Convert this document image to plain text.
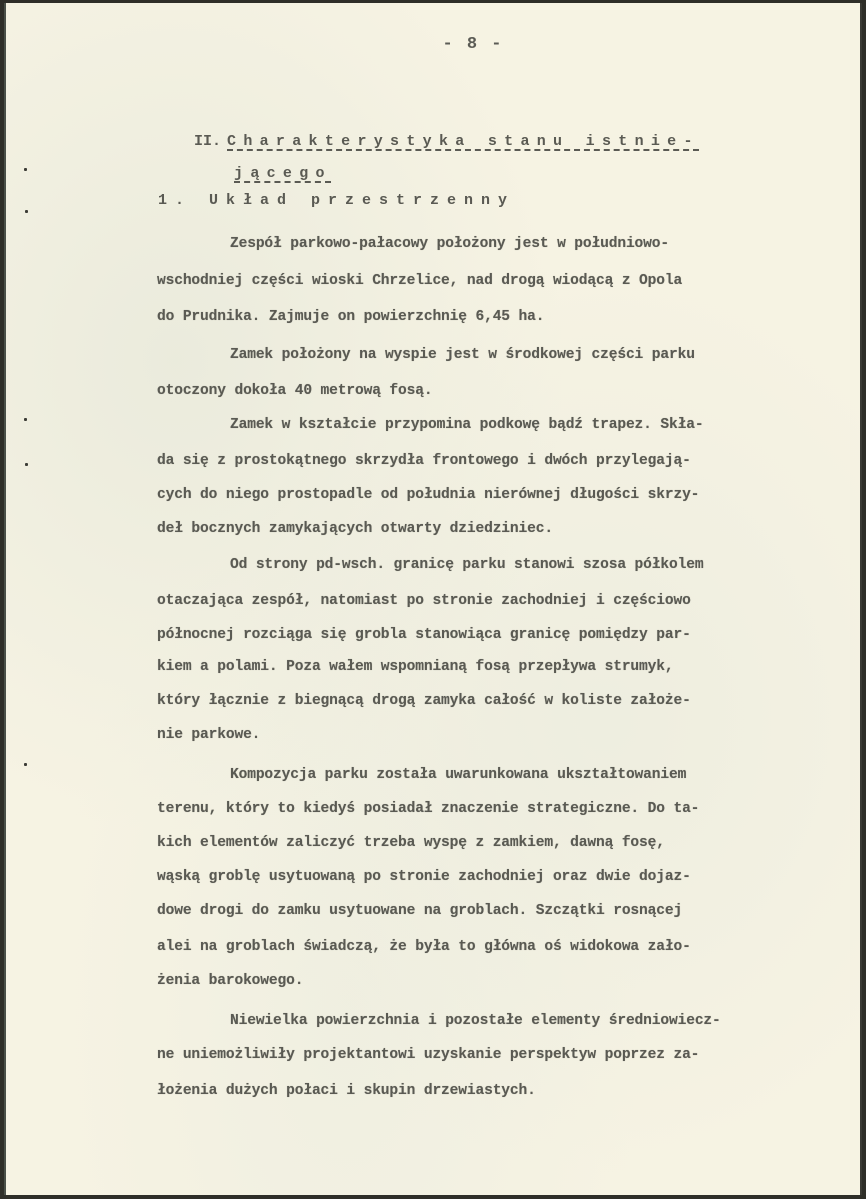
- 8 -

II. Charakterystyka stanu istnie-

jącego

1. Układ przestrzenny
Zespół parkowo-pałacowy położony jest w południowo-
wschodniej części wioski Chrzelice, nad drogą wiodącą z Opola
do Prudnika. Zajmuje on powierzchnię 6,45 ha.
Zamek położony na wyspie jest w środkowej części parku
otoczony dokoła 40 metrową fosą.
Zamek w kształcie przypomina podkowę bądź trapez. Skła-
da się z prostokątnego skrzydła frontowego i dwóch przylegają-
cych do niego prostopadle od południa nierównej długości skrzy-
deł bocznych zamykających otwarty dziedziniec.
Od strony pd-wsch. granicę parku stanowi szosa półkolem
otaczająca zespół, natomiast po stronie zachodniej i częściowo
północnej rozciąga się grobla stanowiąca granicę pomiędzy par-
kiem a polami. Poza wałem wspomnianą fosą przepływa strumyk,
który łącznie z biegnącą drogą zamyka całość w koliste założe-
nie parkowe.
Kompozycja parku została uwarunkowana ukształtowaniem
terenu, który to kiedyś posiadał znaczenie strategiczne. Do ta-
kich elementów zaliczyć trzeba wyspę z zamkiem, dawną fosę,
wąską groblę usytuowaną po stronie zachodniej oraz dwie dojaz-
dowe drogi do zamku usytuowane na groblach. Szczątki rosnącej
alei na groblach świadczą, że była to główna oś widokowa zało-
żenia barokowego.
Niewielka powierzchnia i pozostałe elementy średniowiecz-
ne uniemożliwiły projektantowi uzyskanie perspektyw poprzez za-
łożenia dużych połaci i skupin drzewiastych.
